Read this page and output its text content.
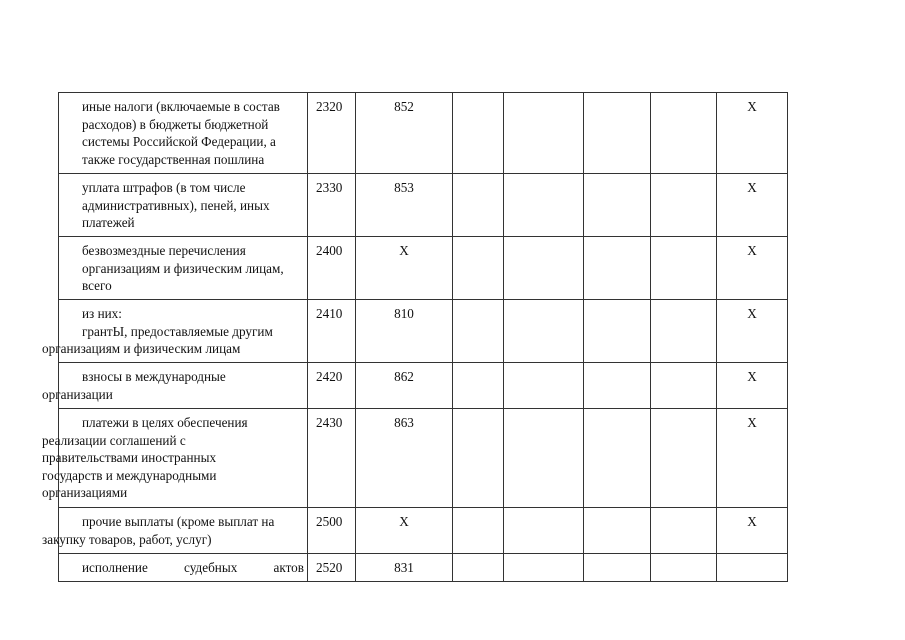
иные налоги (включаемые в состав
расходов) в бюджеты бюджетной
системы Российской Федерации, а
также государственная пошлина	2320	852					X

уплата штрафов (в том числе
административных), пеней, иных
платежей	2330	853					X

безвозмездные перечисления
организациям и физическим лицам,
всего	2400	X					X

из них:
грантЫ, предоставляемые другим
организациям и физическим лицам	2410	810					X

взносы в международные
организации	2420	862					X

платежи в целях обеспечения
реализации соглашений с
правительствами иностранных
государств и международными
организациями	2430	863					X

прочие выплаты (кроме выплат на
закупку товаров, работ, услуг)	2500	X					X

исполнение судебных актов	2520	831					
